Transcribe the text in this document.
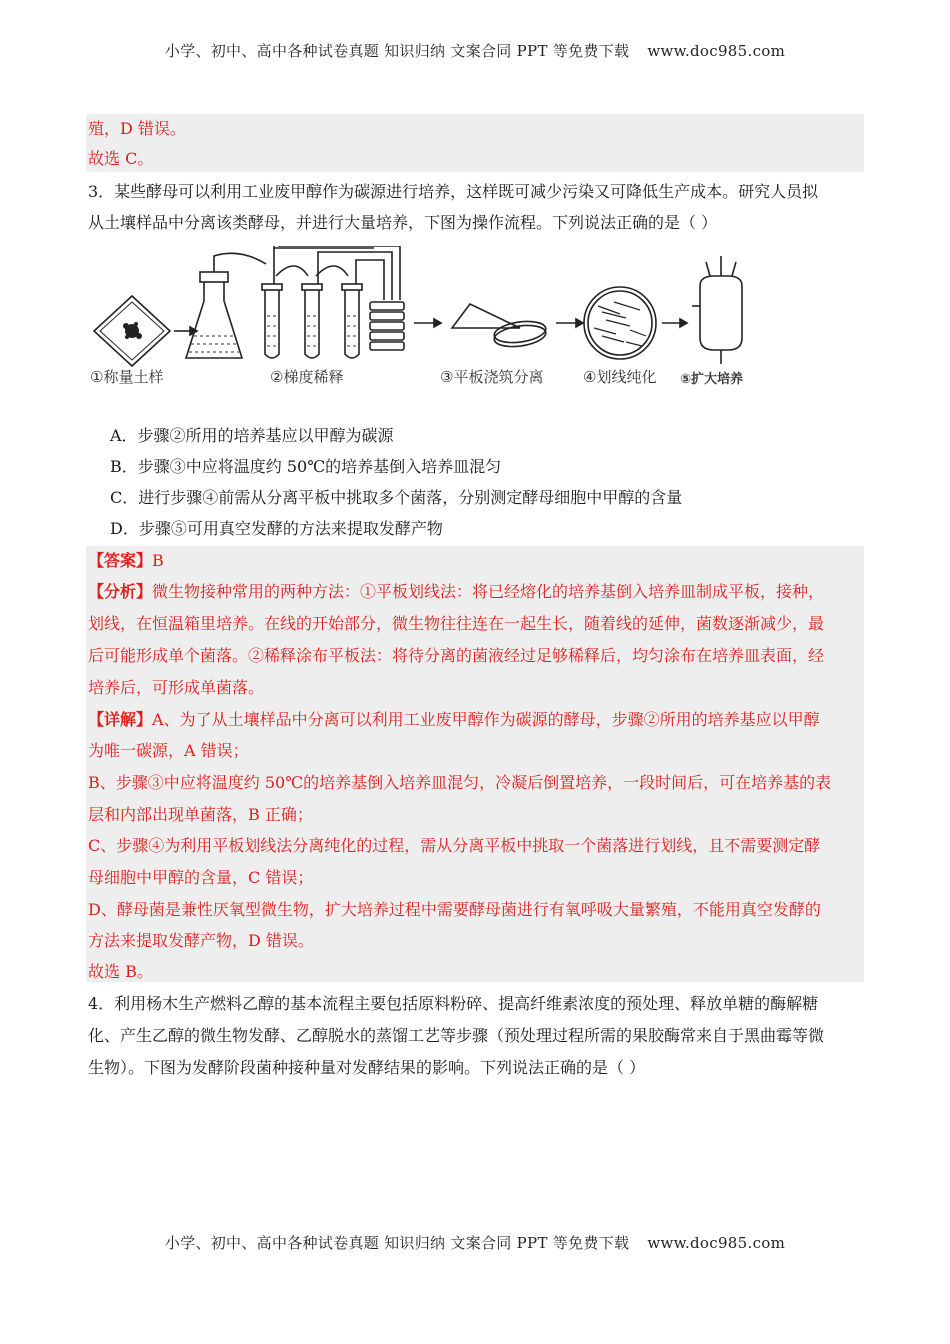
小学、初中、高中各种试卷真题 知识归纳 文案合同 PPT 等免费下载 www.doc985.com
殖，D 错误。
故选 C。
3．某些酵母可以利用工业废甲醇作为碳源进行培养，这样既可减少污染又可降低生产成本。研究人员拟
从土壤样品中分离该类酵母，并进行大量培养，下图为操作流程。下列说法正确的是（ ）
①称量土样	②梯度稀释	③平板浇筑分离	④划线纯化 ⑤扩大培养
A．步骤②所用的培养基应以甲醇为碳源
B．步骤③中应将温度约 50℃的培养基倒入培养皿混匀
C．进行步骤④前需从分离平板中挑取多个菌落，分别测定酵母细胞中甲醇的含量
D．步骤⑤可用真空发酵的方法来提取发酵产物
【答案】B
【分析】微生物接种常用的两种方法：①平板划线法：将已经熔化的培养基倒入培养皿制成平板，接种，
划线，在恒温箱里培养。在线的开始部分，微生物往往连在一起生长，随着线的延伸，菌数逐渐减少，最
后可能形成单个菌落。②稀释涂布平板法：将待分离的菌液经过足够稀释后，均匀涂布在培养皿表面，经
培养后，可形成单菌落。
【详解】A、为了从土壤样品中分离可以利用工业废甲醇作为碳源的酵母，步骤②所用的培养基应以甲醇
为唯一碳源，A 错误；
B、步骤③中应将温度约 50℃的培养基倒入培养皿混匀，冷凝后倒置培养，一段时间后，可在培养基的表
层和内部出现单菌落，B 正确；
C、步骤④为利用平板划线法分离纯化的过程，需从分离平板中挑取一个菌落进行划线，且不需要测定酵
母细胞中甲醇的含量，C 错误；
D、酵母菌是兼性厌氧型微生物，扩大培养过程中需要酵母菌进行有氧呼吸大量繁殖，不能用真空发酵的
方法来提取发酵产物，D 错误。
故选 B。
4．利用杨木生产燃料乙醇的基本流程主要包括原料粉碎、提高纤维素浓度的预处理、释放单糖的酶解糖
化、产生乙醇的微生物发酵、乙醇脱水的蒸馏工艺等步骤（预处理过程所需的果胶酶常来自于黑曲霉等微
生物）。下图为发酵阶段菌种接种量对发酵结果的影响。下列说法正确的是（ ）
小学、初中、高中各种试卷真题 知识归纳 文案合同 PPT 等免费下载 www.doc985.com
